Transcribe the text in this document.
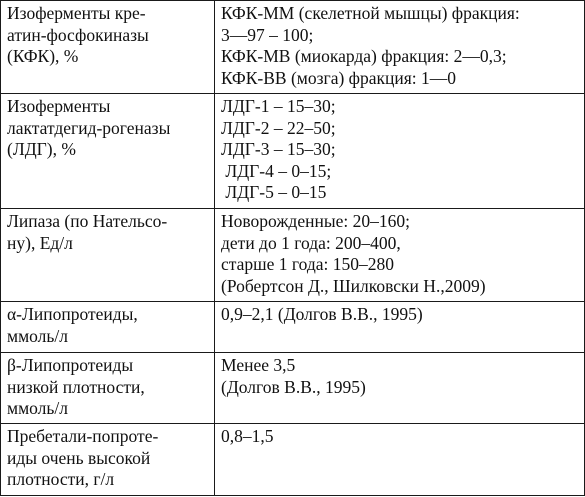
Изоферменты кре-
атин-фосфокиназы
(КФК), %	КФК-ММ (скелетной мышцы) фракция:
3—97 – 100;
КФК-МВ (миокарда) фракция: 2—0,3;
КФК-ВВ (мозга) фракция: 1—0

Изоферменты
лактатдегид-рогеназы
(ЛДГ), %	ЛДГ-1 – 15–30;
ЛДГ-2 – 22–50;
ЛДГ-3 – 15–30;
ЛДГ-4 – 0–15;
ЛДГ-5 – 0–15

Липаза (по Нательсо-
ну), Ед/л	Новорожденные: 20–160;
дети до 1 года: 200–400,
старше 1 года: 150–280
(Робертсон Д., Шилковски Н.,2009)

α-Липопротеиды,
ммоль/л	0,9–2,1 (Долгов В.В., 1995)

β-Липопротеиды
низкой плотности,
ммоль/л	Менее 3,5
(Долгов В.В., 1995)

Пребетали-попроте-
иды очень высокой
плотности, г/л	0,8–1,5
